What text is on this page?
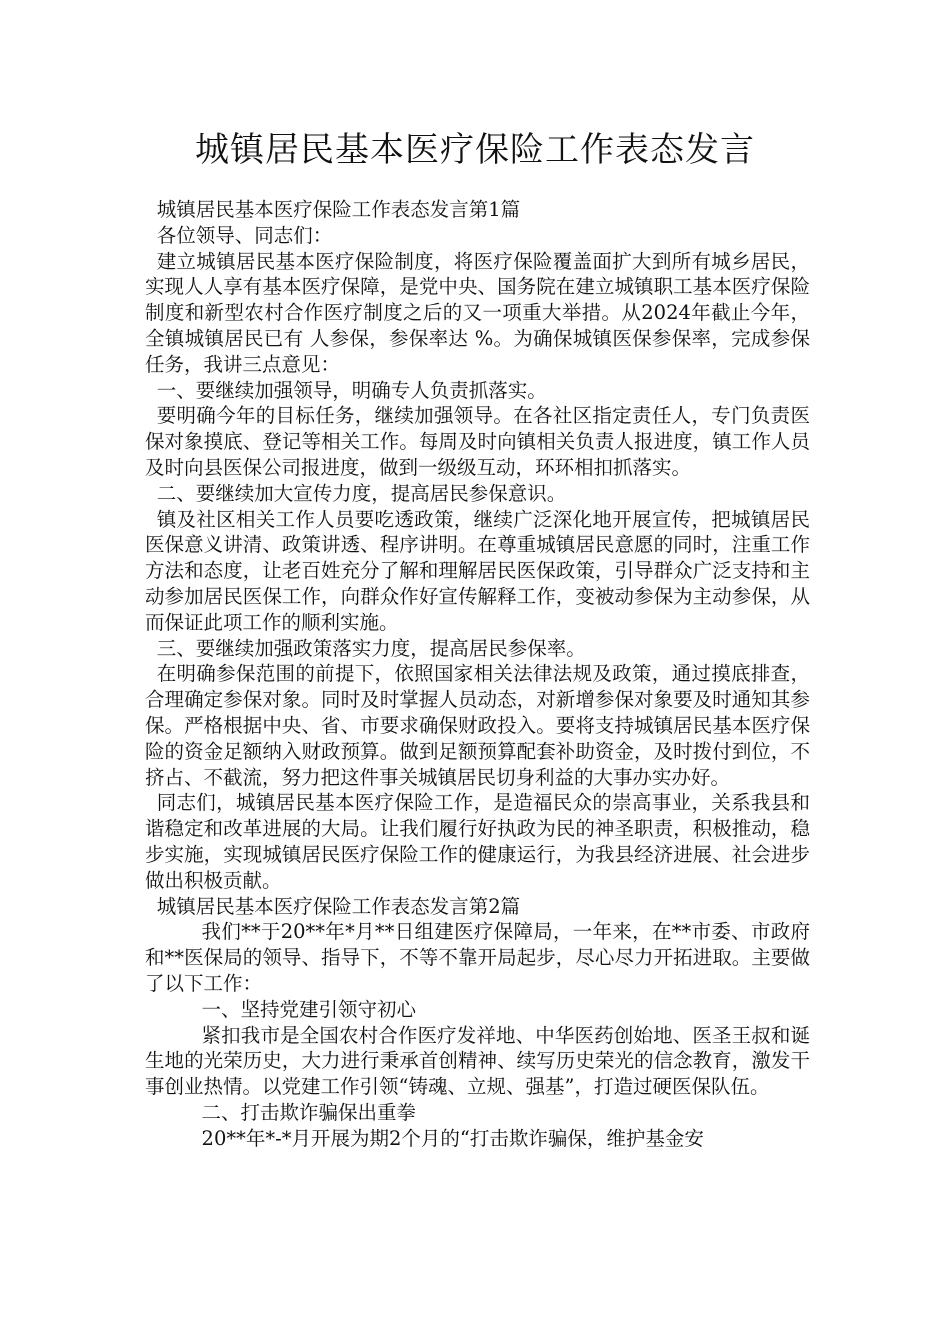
城镇居民基本医疗保险工作表态发言

城镇居民基本医疗保险工作表态发言第1篇

各位领导、同志们：

建立城镇居民基本医疗保险制度，将医疗保险覆盖面扩大到所有城乡居民，实现人人享有基本医疗保障，是党中央、国务院在建立城镇职工基本医疗保险制度和新型农村合作医疗制度之后的又一项重大举措。从2024年截止今年，全镇城镇居民已有 人参保，参保率达 %。为确保城镇医保参保率，完成参保任务，我讲三点意见：

一、要继续加强领导，明确专人负责抓落实。

要明确今年的目标任务，继续加强领导。在各社区指定责任人，专门负责医保对象摸底、登记等相关工作。每周及时向镇相关负责人报进度，镇工作人员及时向县医保公司报进度，做到一级级互动，环环相扣抓落实。

二、要继续加大宣传力度，提高居民参保意识。

镇及社区相关工作人员要吃透政策，继续广泛深化地开展宣传，把城镇居民医保意义讲清、政策讲透、程序讲明。在尊重城镇居民意愿的同时，注重工作方法和态度，让老百姓充分了解和理解居民医保政策，引导群众广泛支持和主动参加居民医保工作，向群众作好宣传解释工作，变被动参保为主动参保，从而保证此项工作的顺利实施。

三、要继续加强政策落实力度，提高居民参保率。

在明确参保范围的前提下，依照国家相关法律法规及政策，通过摸底排查，合理确定参保对象。同时及时掌握人员动态，对新增参保对象要及时通知其参保。严格根据中央、省、市要求确保财政投入。要将支持城镇居民基本医疗保险的资金足额纳入财政预算。做到足额预算配套补助资金，及时拨付到位，不挤占、不截流，努力把这件事关城镇居民切身利益的大事办实办好。

同志们，城镇居民基本医疗保险工作，是造福民众的崇高事业，关系我县和谐稳定和改革进展的大局。让我们履行好执政为民的神圣职责，积极推动，稳步实施，实现城镇居民医疗保险工作的健康运行，为我县经济进展、社会进步做出积极贡献。

城镇居民基本医疗保险工作表态发言第2篇

我们**于20**年*月**日组建医疗保障局，一年来，在**市委、市政府和**医保局的领导、指导下，不等不靠开局起步，尽心尽力开拓进取。主要做了以下工作：

一、坚持党建引领守初心

紧扣我市是全国农村合作医疗发祥地、中华医药创始地、医圣王叔和诞生地的光荣历史，大力进行秉承首创精神、续写历史荣光的信念教育，激发干事创业热情。以党建工作引领“铸魂、立规、强基”，打造过硬医保队伍。

二、打击欺诈骗保出重拳

20**年*-*月开展为期2个月的“打击欺诈骗保，维护基金安
